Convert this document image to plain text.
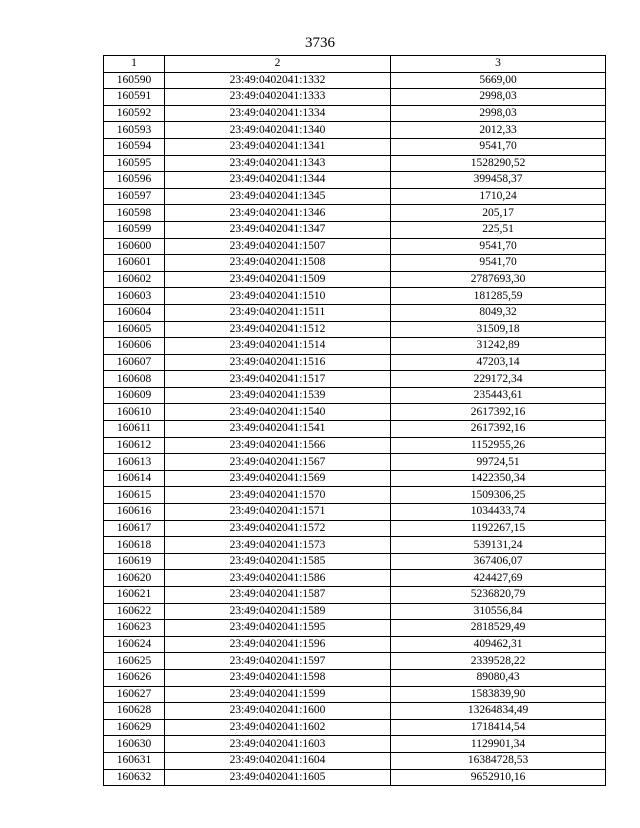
3736
1	2	3
160590	23:49:0402041:1332	5669,00
160591	23:49:0402041:1333	2998,03
160592	23:49:0402041:1334	2998,03
160593	23:49:0402041:1340	2012,33
160594	23:49:0402041:1341	9541,70
160595	23:49:0402041:1343	1528290,52
160596	23:49:0402041:1344	399458,37
160597	23:49:0402041:1345	1710,24
160598	23:49:0402041:1346	205,17
160599	23:49:0402041:1347	225,51
160600	23:49:0402041:1507	9541,70
160601	23:49:0402041:1508	9541,70
160602	23:49:0402041:1509	2787693,30
160603	23:49:0402041:1510	181285,59
160604	23:49:0402041:1511	8049,32
160605	23:49:0402041:1512	31509,18
160606	23:49:0402041:1514	31242,89
160607	23:49:0402041:1516	47203,14
160608	23:49:0402041:1517	229172,34
160609	23:49:0402041:1539	235443,61
160610	23:49:0402041:1540	2617392,16
160611	23:49:0402041:1541	2617392,16
160612	23:49:0402041:1566	1152955,26
160613	23:49:0402041:1567	99724,51
160614	23:49:0402041:1569	1422350,34
160615	23:49:0402041:1570	1509306,25
160616	23:49:0402041:1571	1034433,74
160617	23:49:0402041:1572	1192267,15
160618	23:49:0402041:1573	539131,24
160619	23:49:0402041:1585	367406,07
160620	23:49:0402041:1586	424427,69
160621	23:49:0402041:1587	5236820,79
160622	23:49:0402041:1589	310556,84
160623	23:49:0402041:1595	2818529,49
160624	23:49:0402041:1596	409462,31
160625	23:49:0402041:1597	2339528,22
160626	23:49:0402041:1598	89080,43
160627	23:49:0402041:1599	1583839,90
160628	23:49:0402041:1600	13264834,49
160629	23:49:0402041:1602	1718414,54
160630	23:49:0402041:1603	1129901,34
160631	23:49:0402041:1604	16384728,53
160632	23:49:0402041:1605	9652910,16
